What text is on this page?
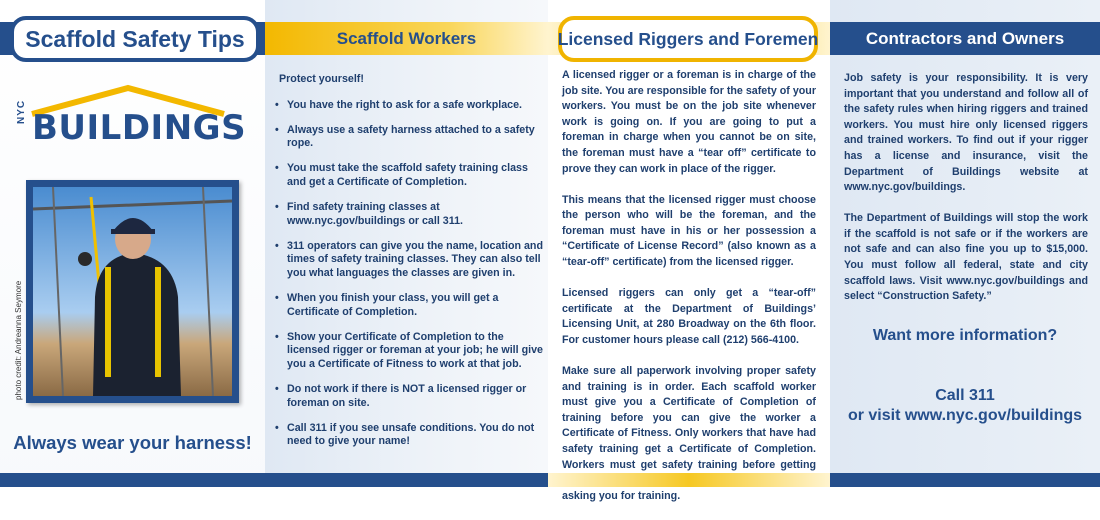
Scaffold Safety Tips
NYC BUILDINGS
photo credit: Andreanna Seymore
Always wear your harness!
Scaffold Workers
Protect yourself!
• You have the right to ask for a safe workplace.
• Always use a safety harness attached to a safety rope.
• You must take the scaffold safety training class and get a Certificate of Completion.
• Find safety training classes at www.nyc.gov/buildings or call 311.
• 311 operators can give you the name, location and times of safety training classes. They can also tell you what languages the classes are given in.
• When you finish your class, you will get a Certificate of Completion.
• Show your Certificate of Completion to the licensed rigger or foreman at your job; he will give you a Certificate of Fitness to work at that job.
• Do not work if there is NOT a licensed rigger or foreman on site.
• Call 311 if you see unsafe conditions. You do not need to give your name!
Licensed Riggers and Foremen

A licensed rigger or a foreman is in charge of the job site. You are responsible for the safety of your workers. You must be on the job site whenever work is going on. If you are going to put a foreman in charge when you cannot be on site, the foreman must have a “tear off” certificate to prove they can work in place of the rigger.

This means that the licensed rigger must choose the person who will be the foreman, and the foreman must have in his or her possession a “Certificate of License Record” (also known as a “tear-off” certificate) from the licensed rigger.

Licensed riggers can only get a “tear-off” certificate at the Department of Buildings’ Licensing Unit, at 280 Broadway on the 6th floor. For customer hours please call (212) 566-4100.

Make sure all paperwork involving proper safety and training is in order. Each scaffold worker must give you a Certificate of Completion of training before you can give the worker a Certificate of Fitness. Only workers that have had safety training get a Certificate of Completion. Workers must get safety training before getting asking you for training.

Contractors and Owners

Job safety is your responsibility. It is very important that you understand and follow all of the safety rules when hiring riggers and trained workers. You must hire only licensed riggers and trained workers. To find out if your rigger has a license and insurance, visit the Department of Buildings website at www.nyc.gov/buildings.

The Department of Buildings will stop the work if the scaffold is not safe or if the workers are not safe and can also fine you up to $15,000. You must follow all federal, state and city scaffold laws. Visit www.nyc.gov/buildings and select “Construction Safety.”

Want more information?
Call 311
or visit www.nyc.gov/buildings
